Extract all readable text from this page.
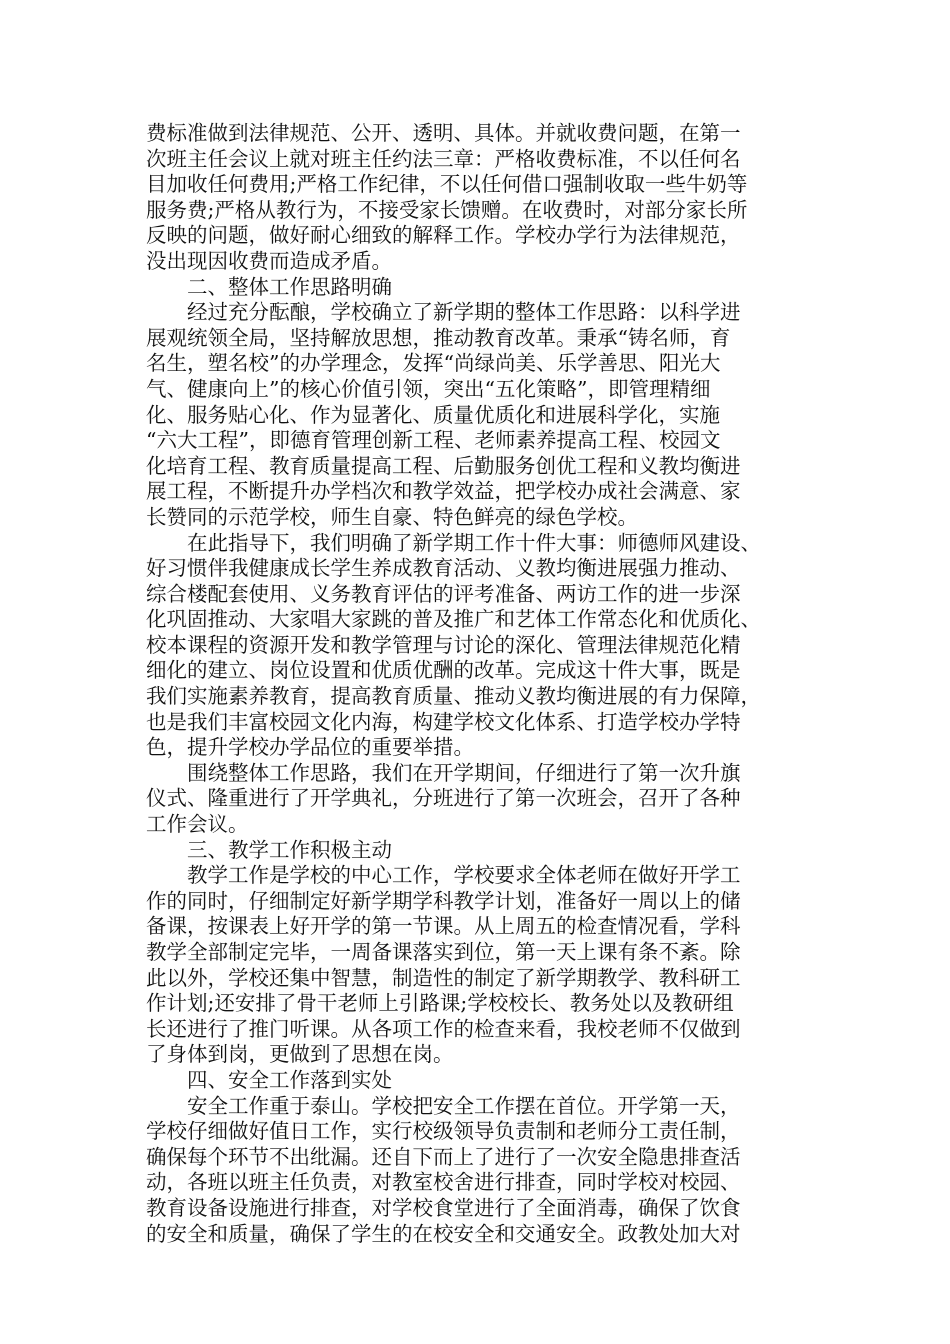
费标准做到法律规范、公开、透明、具体。并就收费问题，在第一
次班主任会议上就对班主任约法三章：严格收费标准，不以任何名
目加收任何费用;严格工作纪律，不以任何借口强制收取一些牛奶等
服务费;严格从教行为，不接受家长馈赠。在收费时，对部分家长所
反映的问题，做好耐心细致的解释工作。学校办学行为法律规范，
没出现因收费而造成矛盾。
二、整体工作思路明确
经过充分酝酿，学校确立了新学期的整体工作思路：以科学进
展观统领全局，坚持解放思想，推动教育改革。秉承“铸名师，育
名生，塑名校”的办学理念，发挥“尚绿尚美、乐学善思、阳光大
气、健康向上”的核心价值引领，突出“五化策略”，即管理精细
化、服务贴心化、作为显著化、质量优质化和进展科学化，实施
“六大工程”，即德育管理创新工程、老师素养提高工程、校园文
化培育工程、教育质量提高工程、后勤服务创优工程和义教均衡进
展工程，不断提升办学档次和教学效益，把学校办成社会满意、家
长赞同的示范学校，师生自豪、特色鲜亮的绿色学校。
在此指导下，我们明确了新学期工作十件大事：师德师风建设、
好习惯伴我健康成长学生养成教育活动、义教均衡进展强力推动、
综合楼配套使用、义务教育评估的评考准备、两访工作的进一步深
化巩固推动、大家唱大家跳的普及推广和艺体工作常态化和优质化、
校本课程的资源开发和教学管理与讨论的深化、管理法律规范化精
细化的建立、岗位设置和优质优酬的改革。完成这十件大事，既是
我们实施素养教育，提高教育质量、推动义教均衡进展的有力保障，
也是我们丰富校园文化内海，构建学校文化体系、打造学校办学特
色，提升学校办学品位的重要举措。
围绕整体工作思路，我们在开学期间，仔细进行了第一次升旗
仪式、隆重进行了开学典礼，分班进行了第一次班会，召开了各种
工作会议。
三、教学工作积极主动
教学工作是学校的中心工作，学校要求全体老师在做好开学工
作的同时，仔细制定好新学期学科教学计划，准备好一周以上的储
备课，按课表上好开学的第一节课。从上周五的检查情况看，学科
教学全部制定完毕，一周备课落实到位，第一天上课有条不紊。除
此以外，学校还集中智慧，制造性的制定了新学期教学、教科研工
作计划;还安排了骨干老师上引路课;学校校长、教务处以及教研组
长还进行了推门听课。从各项工作的检查来看，我校老师不仅做到
了身体到岗，更做到了思想在岗。
四、安全工作落到实处
安全工作重于泰山。学校把安全工作摆在首位。开学第一天，
学校仔细做好值日工作，实行校级领导负责制和老师分工责任制，
确保每个环节不出纰漏。还自下而上了进行了一次安全隐患排查活
动，各班以班主任负责，对教室校舍进行排查，同时学校对校园、
教育设备设施进行排查，对学校食堂进行了全面消毒，确保了饮食
的安全和质量，确保了学生的在校安全和交通安全。政教处加大对
